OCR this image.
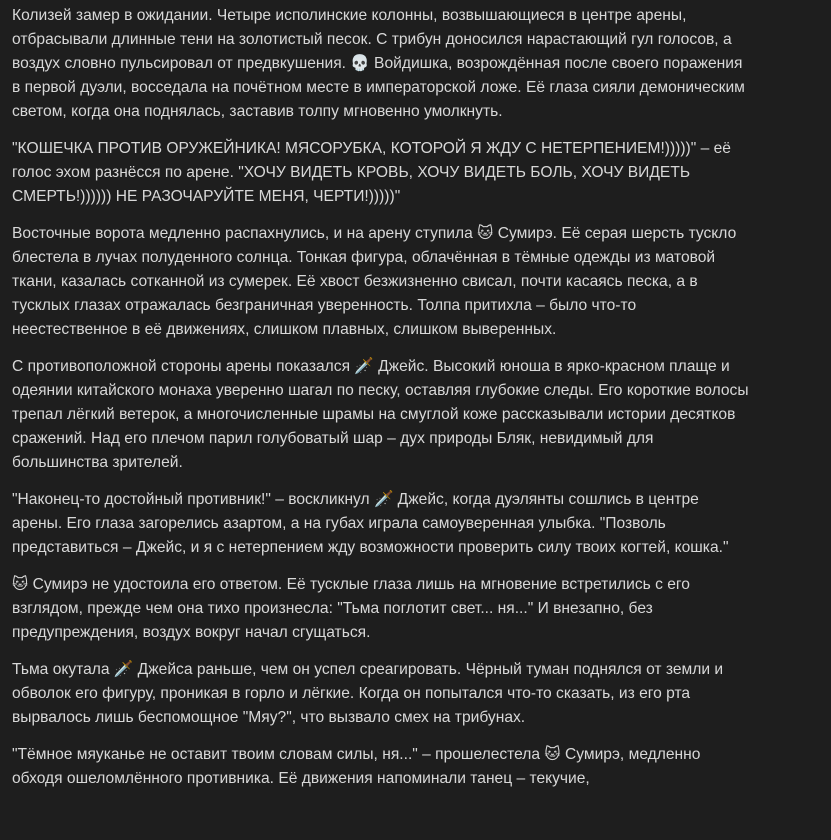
Колизей замер в ожидании. Четыре исполинские колонны, возвышающиеся в центре арены, отбрасывали длинные тени на золотистый песок. С трибун доносился нарастающий гул голосов, а воздух словно пульсировал от предвкушения. 💀 Войдишка, возрождённая после своего поражения в первой дуэли, восседала на почётном месте в императорской ложе. Её глаза сияли демоническим светом, когда она поднялась, заставив толпу мгновенно умолкнуть.

"КОШЕЧКА ПРОТИВ ОРУЖЕЙНИКА! МЯСОРУБКА, КОТОРОЙ Я ЖДУ С НЕТЕРПЕНИЕМ!)))))" – её голос эхом разнёсся по арене. "ХОЧУ ВИДЕТЬ КРОВЬ, ХОЧУ ВИДЕТЬ БОЛЬ, ХОЧУ ВИДЕТЬ СМЕРТЬ!)))))) НЕ РАЗОЧАРУЙТЕ МЕНЯ, ЧЕРТИ!)))))"

Восточные ворота медленно распахнулись, и на арену ступила 🐱 Сумирэ. Её серая шерсть тускло блестела в лучах полуденного солнца. Тонкая фигура, облачённая в тёмные одежды из матовой ткани, казалась сотканной из сумерек. Её хвост безжизненно свисал, почти касаясь песка, а в тусклых глазах отражалась безграничная уверенность. Толпа притихла – было что-то неестественное в её движениях, слишком плавных, слишком выверенных.

С противоположной стороны арены показался 🗡️ Джейс. Высокий юноша в ярко-красном плаще и одеянии китайского монаха уверенно шагал по песку, оставляя глубокие следы. Его короткие волосы трепал лёгкий ветерок, а многочисленные шрамы на смуглой коже рассказывали истории десятков сражений. Над его плечом парил голубоватый шар – дух природы Бляк, невидимый для большинства зрителей.

"Наконец-то достойный противник!" – воскликнул 🗡️ Джейс, когда дуэлянты сошлись в центре арены. Его глаза загорелись азартом, а на губах играла самоуверенная улыбка. "Позволь представиться – Джейс, и я с нетерпением жду возможности проверить силу твоих когтей, кошка."

🐱 Сумирэ не удостоила его ответом. Её тусклые глаза лишь на мгновение встретились с его взглядом, прежде чем она тихо произнесла: "Тьма поглотит свет... ня..." И внезапно, без предупреждения, воздух вокруг начал сгущаться.

Тьма окутала 🗡️ Джейса раньше, чем он успел среагировать. Чёрный туман поднялся от земли и обволок его фигуру, проникая в горло и лёгкие. Когда он попытался что-то сказать, из его рта вырвалось лишь беспомощное "Мяу?", что вызвало смех на трибунах.

"Тёмное мяуканье не оставит твоим словам силы, ня..." – прошелестела 🐱 Сумирэ, медленно обходя ошеломлённого противника. Её движения напоминали танец – текучие,
